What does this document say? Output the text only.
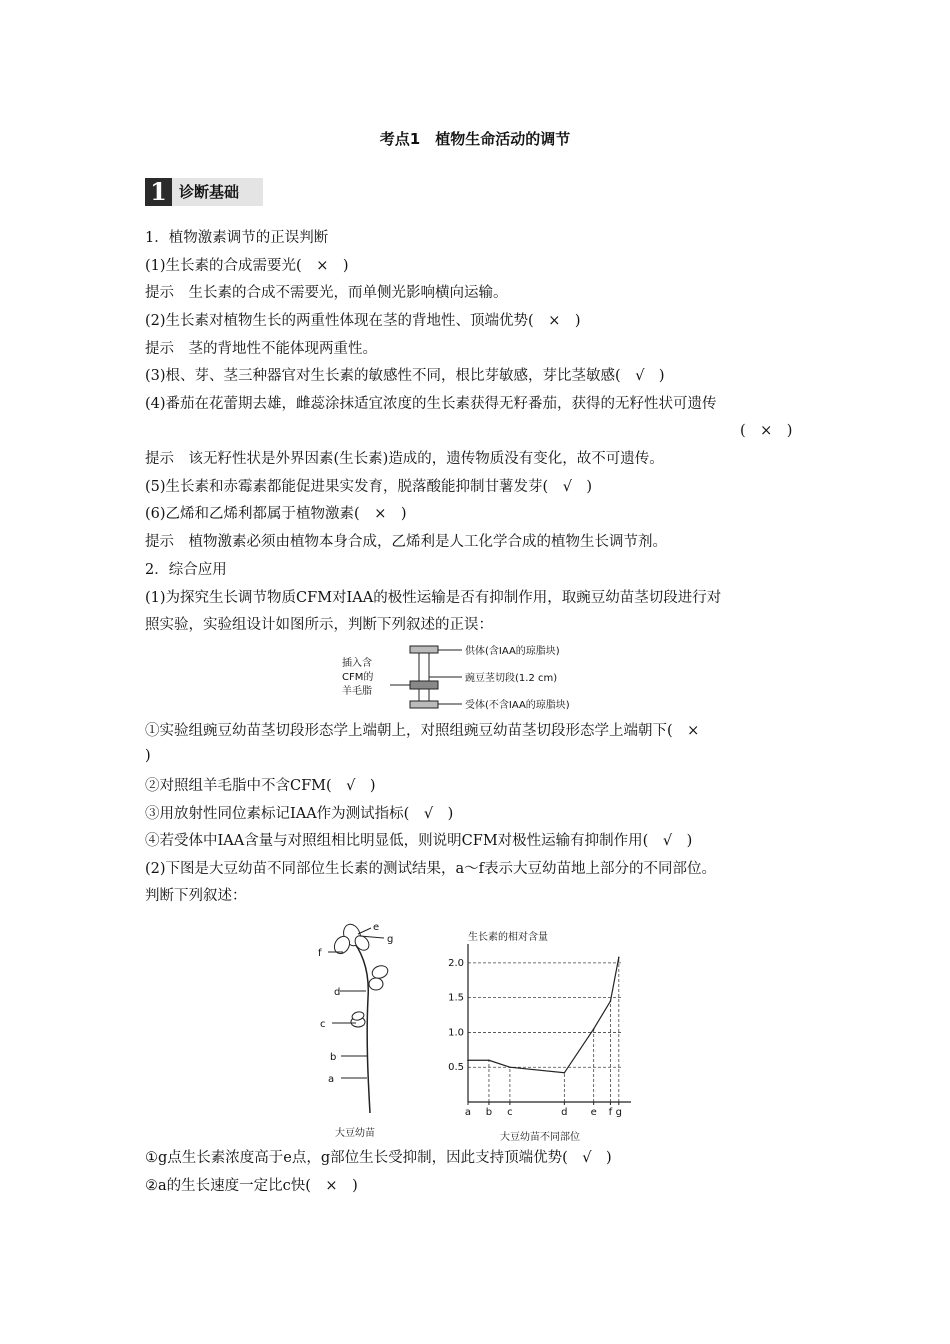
考点1　植物生命活动的调节
1 诊断基础
1．植物激素调节的正误判断
(1)生长素的合成需要光(　×　)
提示　生长素的合成不需要光，而单侧光影响横向运输。
(2)生长素对植物生长的两重性体现在茎的背地性、顶端优势(　×　)
提示　茎的背地性不能体现两重性。
(3)根、芽、茎三种器官对生长素的敏感性不同，根比芽敏感，芽比茎敏感(　√　)
(4)番茄在花蕾期去雄，雌蕊涂抹适宜浓度的生长素获得无籽番茄，获得的无籽性状可遗传
(　×　)
提示　该无籽性状是外界因素(生长素)造成的，遗传物质没有变化，故不可遗传。
(5)生长素和赤霉素都能促进果实发育，脱落酸能抑制甘薯发芽(　√　)
(6)乙烯和乙烯利都属于植物激素(　×　)
提示　植物激素必须由植物本身合成，乙烯利是人工化学合成的植物生长调节剂。
2．综合应用
(1)为探究生长调节物质CFM对IAA的极性运输是否有抑制作用，取豌豆幼苗茎切段进行对
照实验，实验组设计如图所示，判断下列叙述的正误：
插入含
CFM的
羊毛脂
供体(含IAA的琼脂块)
豌豆茎切段(1.2 cm)
受体(不含IAA的琼脂块)
①实验组豌豆幼苗茎切段形态学上端朝上，对照组豌豆幼苗茎切段形态学上端朝下(　×
)
②对照组羊毛脂中不含CFM(　√　)
③用放射性同位素标记IAA作为测试指标(　√　)
④若受体中IAA含量与对照组相比明显低，则说明CFM对极性运输有抑制作用(　√　)
(2)下图是大豆幼苗不同部位生长素的测试结果，a～f表示大豆幼苗地上部分的不同部位。
判断下列叙述：
a
b
c
d
e
f
g
大豆幼苗
生长素的相对含量
大豆幼苗不同部位
0.5
1.0
1.5
2.0
a b c	d e f g
①g点生长素浓度高于e点，g部位生长受抑制，因此支持顶端优势(　√　)
②a的生长速度一定比c快(　×　)
